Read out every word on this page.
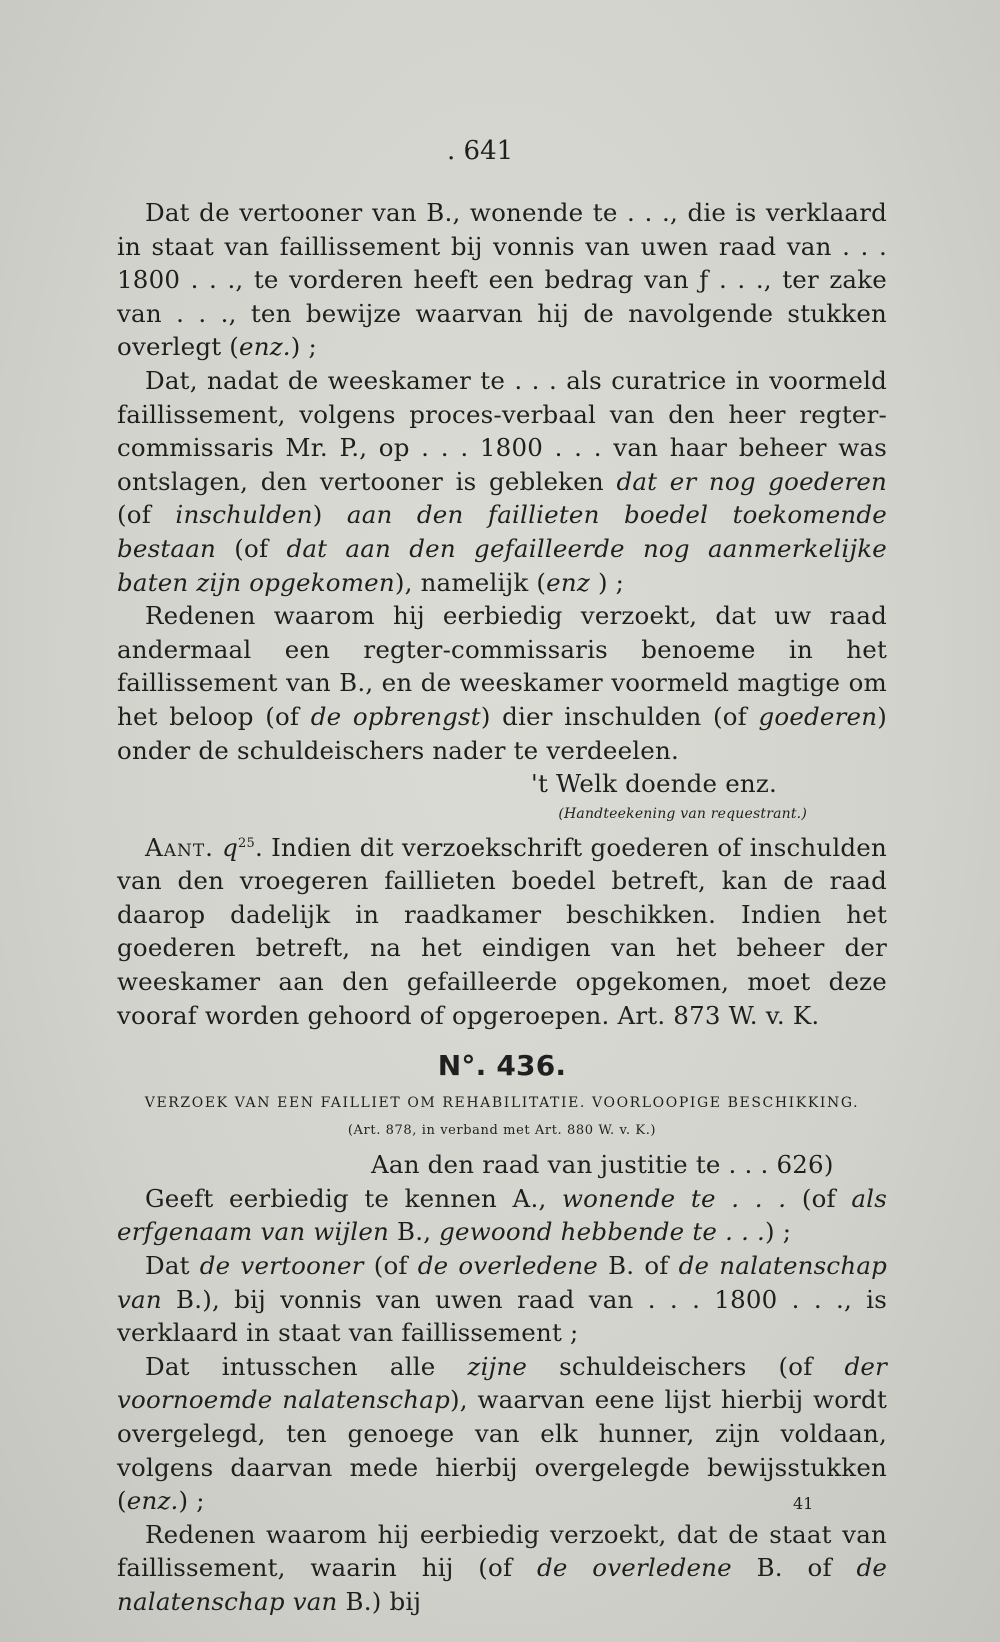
. 641

Dat de vertooner van B., wonende te . . ., die is verklaard in staat van faillissement bij vonnis van uwen raad van . . . 1800 . . ., te vorderen heeft een bedrag van ƒ . . ., ter zake van . . ., ten bewijze waarvan hij de navolgende stukken overlegt (enz.) ;

Dat, nadat de weeskamer te . . . als curatrice in voormeld faillissement, volgens proces-verbaal van den heer regter-commissaris Mr. P., op . . . 1800 . . . van haar beheer was ontslagen, den vertooner is gebleken dat er nog goederen (of inschulden) aan den faillieten boedel toekomende bestaan (of dat aan den gefailleerde nog aanmerkelijke baten zijn opgekomen), namelijk (enz ) ;

Redenen waarom hij eerbiedig verzoekt, dat uw raad andermaal een regter-commissaris benoeme in het faillissement van B., en de weeskamer voormeld magtige om het beloop (of de opbrengst) dier inschulden (of goederen) onder de schuldeischers nader te verdeelen.

't Welk doende enz.

(Handteekening van requestrant.)

Aant. $q^{25}$. Indien dit verzoekschrift goederen of inschulden van den vroegeren faillieten boedel betreft, kan de raad daarop dadelijk in raadkamer beschikken. Indien het goederen betreft, na het eindigen van het beheer der weeskamer aan den gefailleerde opgekomen, moet deze vooraf worden gehoord of opgeroepen. Art. 873 W. v. K.

N°. 436.
VERZOEK VAN EEN FAILLIET OM REHABILITATIE. VOORLOOPIGE BESCHIKKING.
(Art. 878, in verband met Art. 880 W. v. K.)

Aan den raad van justitie te . . . 626)

Geeft eerbiedig te kennen A., wonende te . . . (of als erfgenaam van wijlen B., gewoond hebbende te . . .) ;

Dat de vertooner (of de overledene B. of de nalatenschap van B.), bij vonnis van uwen raad van . . . 1800 . . ., is verklaard in staat van faillissement ;

Dat intusschen alle zijne schuldeischers (of der voornoemde nalatenschap), waarvan eene lijst hierbij wordt overgelegd, ten genoege van elk hunner, zijn voldaan, volgens daarvan mede hierbij overgelegde bewijsstukken (enz.) ;

Redenen waarom hij eerbiedig verzoekt, dat de staat van faillissement, waarin hij (of de overledene B. of de nalatenschap van B.) bij

41
